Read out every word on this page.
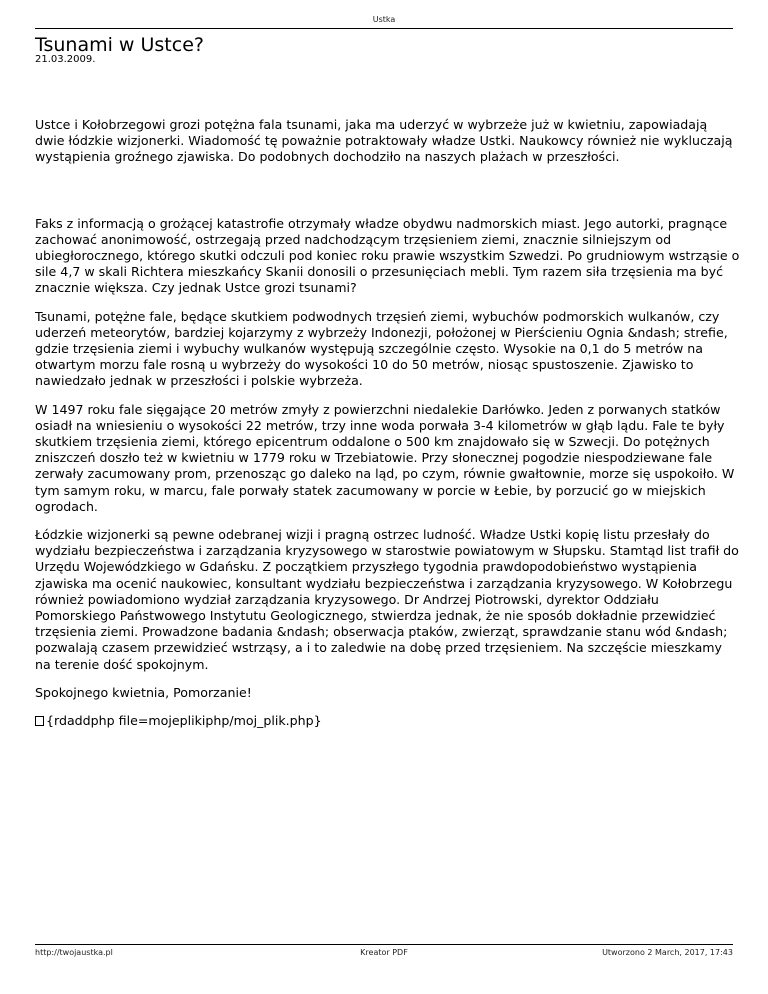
Ustka
Tsunami w Ustce?
21.03.2009.

Ustce i Kołobrzegowi grozi potężna fala tsunami, jaka ma uderzyć w wybrzeże już w kwietniu, zapowiadają dwie łódzkie wizjonerki. Wiadomość tę poważnie potraktowały władze Ustki. Naukowcy również nie wykluczają wystąpienia groźnego zjawiska. Do podobnych dochodziło na naszych plażach w przeszłości.

Faks z informacją o grożącej katastrofie otrzymały władze obydwu nadmorskich miast. Jego autorki, pragnące zachować anonimowość, ostrzegają przed nadchodzącym trzęsieniem ziemi, znacznie silniejszym od ubiegłorocznego, którego skutki odczuli pod koniec roku prawie wszystkim Szwedzi. Po grudniowym wstrząsie o sile 4,7 w skali Richtera mieszkańcy Skanii donosili o przesunięciach mebli. Tym razem siła trzęsienia ma być znacznie większa. Czy jednak Ustce grozi tsunami?

Tsunami, potężne fale, będące skutkiem podwodnych trzęsień ziemi, wybuchów podmorskich wulkanów, czy uderzeń meteorytów, bardziej kojarzymy z wybrzeży Indonezji, położonej w Pierścieniu Ognia &ndash; strefie, gdzie trzęsienia ziemi i wybuchy wulkanów występują szczególnie często. Wysokie na 0,1 do 5 metrów na otwartym morzu fale rosną u wybrzeży do wysokości 10 do 50 metrów, niosąc spustoszenie. Zjawisko to nawiedzało jednak w przeszłości i polskie wybrzeża.

W 1497 roku fale sięgające 20 metrów zmyły z powierzchni niedalekie Darłówko. Jeden z porwanych statków osiadł na wniesieniu o wysokości 22 metrów, trzy inne woda porwała 3-4 kilometrów w głąb lądu. Fale te były skutkiem trzęsienia ziemi, którego epicentrum oddalone o 500 km znajdowało się w Szwecji. Do potężnych zniszczeń doszło też w kwietniu w 1779 roku w Trzebiatowie. Przy słonecznej pogodzie niespodziewane fale zerwały zacumowany prom, przenosząc go daleko na ląd, po czym, równie gwałtownie, morze się uspokoiło. W tym samym roku, w marcu, fale porwały statek zacumowany w porcie w Łebie, by porzucić go w miejskich ogrodach.

Łódzkie wizjonerki są pewne odebranej wizji i pragną ostrzec ludność. Władze Ustki kopię listu przesłały do wydziału bezpieczeństwa i zarządzania kryzysowego w starostwie powiatowym w Słupsku. Stamtąd list trafił do Urzędu Wojewódzkiego w Gdańsku. Z początkiem przyszłego tygodnia prawdopodobieństwo wystąpienia zjawiska ma ocenić naukowiec, konsultant wydziału bezpieczeństwa i zarządzania kryzysowego. W Kołobrzegu również powiadomiono wydział zarządzania kryzysowego. Dr Andrzej Piotrowski, dyrektor Oddziału Pomorskiego Państwowego Instytutu Geologicznego, stwierdza jednak, że nie sposób dokładnie przewidzieć trzęsienia ziemi. Prowadzone badania &ndash; obserwacja ptaków, zwierząt, sprawdzanie stanu wód &ndash; pozwalają czasem przewidzieć wstrząsy, a i to zaledwie na dobę przed trzęsieniem. Na szczęście mieszkamy na terenie dość spokojnym.

Spokojnego kwietnia, Pomorzanie!

{rdaddphp file=mojeplikiphp/moj_plik.php}

http://twojaustka.pl	Kreator PDF	Utworzono 2 March, 2017, 17:43
